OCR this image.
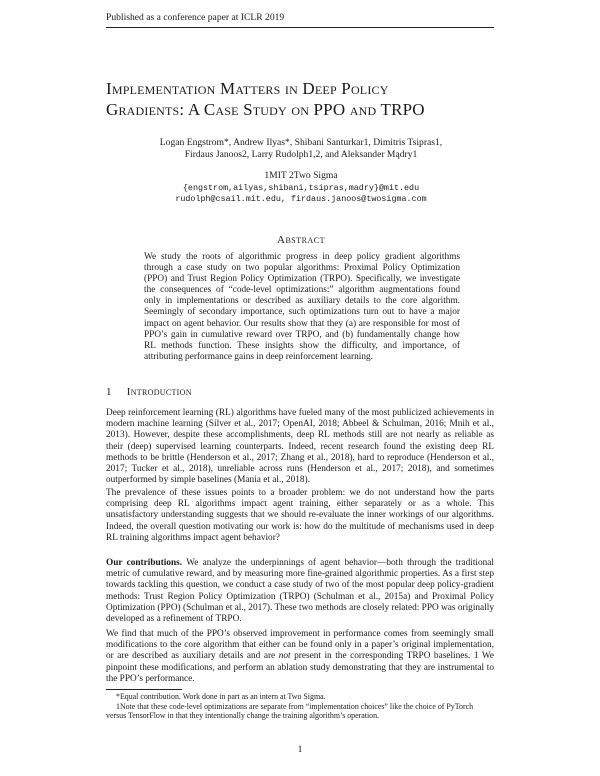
Published as a conference paper at ICLR 2019
Implementation Matters in Deep Policy
Gradients: A Case Study on PPO and TRPO
Logan Engstrom*, Andrew Ilyas*, Shibani Santurkar1, Dimitris Tsipras1,
Firdaus Janoos2, Larry Rudolph1,2, and Aleksander Mądry1
1MIT 2Two Sigma
{engstrom,ailyas,shibani,tsipras,madry}@mit.edu
rudolph@csail.mit.edu, firdaus.janoos@twosigma.com
Abstract
We study the roots of algorithmic progress in deep policy gradient algorithms through a case study on two popular algorithms: Proximal Policy Optimization (PPO) and Trust Region Policy Optimization (TRPO). Specifically, we investigate the consequences of “code-level optimizations:” algorithm augmentations found only in implementations or described as auxiliary details to the core algorithm. Seemingly of secondary importance, such optimizations turn out to have a major impact on agent behavior. Our results show that they (a) are responsible for most of PPO’s gain in cumulative reward over TRPO, and (b) fundamentally change how RL methods function. These insights show the difficulty, and importance, of attributing performance gains in deep reinforcement learning.
1 Introduction
Deep reinforcement learning (RL) algorithms have fueled many of the most publicized achievements in modern machine learning (Silver et al., 2017; OpenAI, 2018; Abbeel & Schulman, 2016; Mnih et al., 2013). However, despite these accomplishments, deep RL methods still are not nearly as reliable as their (deep) supervised learning counterparts. Indeed, recent research found the existing deep RL methods to be brittle (Henderson et al., 2017; Zhang et al., 2018), hard to reproduce (Henderson et al., 2017; Tucker et al., 2018), unreliable across runs (Henderson et al., 2017; 2018), and sometimes outperformed by simple baselines (Mania et al., 2018).
The prevalence of these issues points to a broader problem: we do not understand how the parts comprising deep RL algorithms impact agent training, either separately or as a whole. This unsatisfactory understanding suggests that we should re-evaluate the inner workings of our algorithms. Indeed, the overall question motivating our work is: how do the multitude of mechanisms used in deep RL training algorithms impact agent behavior?
Our contributions. We analyze the underpinnings of agent behavior—both through the traditional metric of cumulative reward, and by measuring more fine-grained algorithmic properties. As a first step towards tackling this question, we conduct a case study of two of the most popular deep policy-gradient methods: Trust Region Policy Optimization (TRPO) (Schulman et al., 2015a) and Proximal Policy Optimization (PPO) (Schulman et al., 2017). These two methods are closely related: PPO was originally developed as a refinement of TRPO.
We find that much of the PPO’s observed improvement in performance comes from seemingly small modifications to the core algorithm that either can be found only in a paper’s original implementation, or are described as auxiliary details and are not present in the corresponding TRPO baselines. 1 We pinpoint these modifications, and perform an ablation study demonstrating that they are instrumental to the PPO’s performance.
*Equal contribution. Work done in part as an intern at Two Sigma.
1Note that these code-level optimizations are separate from “implementation choices” like the choice of PyTorch versus TensorFlow in that they intentionally change the training algorithm’s operation.
1
